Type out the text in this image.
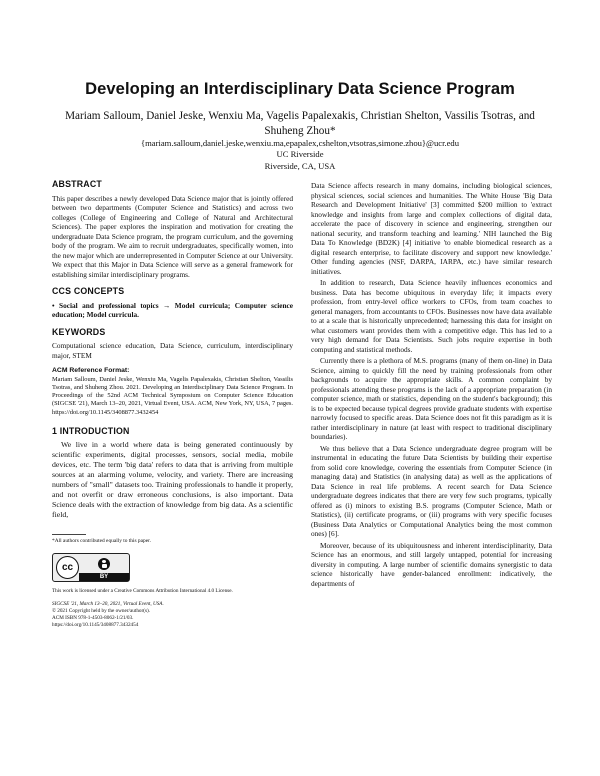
Developing an Interdisciplinary Data Science Program
Mariam Salloum, Daniel Jeske, Wenxiu Ma, Vagelis Papalexakis, Christian Shelton, Vassilis Tsotras, and Shuheng Zhou*
{mariam.salloum,daniel.jeske,wenxiu.ma,epapalex,cshelton,vtsotras,simone.zhou}@ucr.edu
UC Riverside
Riverside, CA, USA
ABSTRACT

This paper describes a newly developed Data Science major that is jointly offered between two departments (Computer Science and Statistics) and across two colleges (College of Engineering and College of Natural and Architectural Sciences). The paper explores the inspiration and motivation for creating the undergraduate Data Science program, the program curriculum, and the governing body of the program. We aim to recruit undergraduates, specifically women, into the new major which are underrepresented in Computer Science at our University. We expect that this Major in Data Science will serve as a general framework for establishing similar interdisciplinary programs.

CCS CONCEPTS

• Social and professional topics → Model curricula; Computer science education; Model curricula.

KEYWORDS

Computational science education, Data Science, curriculum, interdisciplinary major, STEM

ACM Reference Format:

Mariam Salloum, Daniel Jeske, Wenxiu Ma, Vagelis Papalexakis, Christian Shelton, Vassilis Tsotras, and Shuheng Zhou. 2021. Developing an Interdisciplinary Data Science Program. In Proceedings of the 52nd ACM Technical Symposium on Computer Science Education (SIGCSE '21), March 13–20, 2021, Virtual Event, USA. ACM, New York, NY, USA, 7 pages. https://doi.org/10.1145/3408877.3432454

1 INTRODUCTION

We live in a world where data is being generated continuously by scientific experiments, digital processes, sensors, social media, mobile devices, etc. The term 'big data' refers to data that is arriving from multiple sources at an alarming volume, velocity, and variety. There are increasing numbers of "small" datasets too. Training professionals to handle it properly, and not overfit or draw erroneous conclusions, is also important. Data Science deals with the extraction of knowledge from big data. As a scientific field,

*All authors contributed equally to this paper.
cc
BY
This work is licensed under a Creative Commons Attribution International 4.0 License.
SIGCSE '21, March 13–20, 2021, Virtual Event, USA.
© 2021 Copyright held by the owner/author(s).
ACM ISBN 978-1-4503-8062-1/21/03.
https://doi.org/10.1145/3408877.3432454

Data Science affects research in many domains, including biological sciences, physical sciences, social sciences and humanities. The White House 'Big Data Research and Development Initiative' [3] committed $200 million to 'extract knowledge and insights from large and complex collections of digital data, accelerate the pace of discovery in science and engineering, strengthen our national security, and transform teaching and learning.' NIH launched the Big Data To Knowledge (BD2K) [4] initiative 'to enable biomedical research as a digital research enterprise, to facilitate discovery and support new knowledge.' Other funding agencies (NSF, DARPA, IARPA, etc.) have similar research initiatives.

In addition to research, Data Science heavily influences economics and business. Data has become ubiquitous in everyday life; it impacts every profession, from entry-level office workers to CFOs, from team coaches to general managers, from accountants to CFOs. Businesses now have data available to at a scale that is historically unprecedented; harnessing this data for insight on what customers want provides them with a competitive edge. This has led to a very high demand for Data Scientists. Such jobs require expertise in both computing and statistical methods.

Currently there is a plethora of M.S. programs (many of them on-line) in Data Science, aiming to quickly fill the need by training professionals from other backgrounds to acquire the appropriate skills. A common complaint by professionals attending these programs is the lack of a appropriate preparation (in computer science, math or statistics, depending on the student's background); this is to be expected because typical degrees provide graduate students with expertise narrowly focused to specific areas. Data Science does not fit this paradigm as it is rather interdisciplinary in nature (at least with respect to traditional disciplinary boundaries).

We thus believe that a Data Science undergraduate degree program will be instrumental in educating the future Data Scientists by building their expertise from solid core knowledge, covering the essentials from Computer Science (in managing data) and Statistics (in analysing data) as well as the applications of Data Science in real life problems. A recent search for Data Science undergraduate degrees indicates that there are very few such programs, typically offered as (i) minors to existing B.S. programs (Computer Science, Math or Statistics), (ii) certificate programs, or (iii) programs with very specific focuses (Business Data Analytics or Computational Analytics being the most common ones) [6].

Moreover, because of its ubiquitousness and inherent interdisciplinarity, Data Science has an enormous, and still largely untapped, potential for increasing diversity in computing. A large number of scientific domains synergistic to data science historically have gender-balanced enrollment: indicatively, the departments of
